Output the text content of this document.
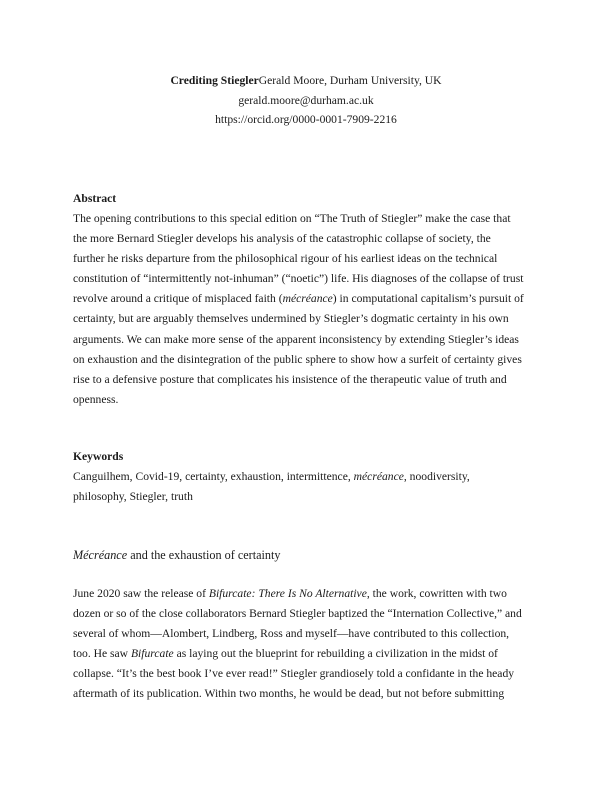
Crediting StieglerGerald Moore, Durham University, UK
gerald.moore@durham.ac.uk
https://orcid.org/0000-0001-7909-2216
Abstract
The opening contributions to this special edition on “The Truth of Stiegler” make the case that
the more Bernard Stiegler develops his analysis of the catastrophic collapse of society, the
further he risks departure from the philosophical rigour of his earliest ideas on the technical
constitution of “intermittently not-inhuman” (“noetic”) life. His diagnoses of the collapse of trust
revolve around a critique of misplaced faith (mécréance) in computational capitalism’s pursuit of
certainty, but are arguably themselves undermined by Stiegler’s dogmatic certainty in his own
arguments. We can make more sense of the apparent inconsistency by extending Stiegler’s ideas
on exhaustion and the disintegration of the public sphere to show how a surfeit of certainty gives
rise to a defensive posture that complicates his insistence of the therapeutic value of truth and
openness.
Keywords
Canguilhem, Covid-19, certainty, exhaustion, intermittence, mécréance, noodiversity,
philosophy, Stiegler, truth
Mécréance and the exhaustion of certainty
June 2020 saw the release of Bifurcate: There Is No Alternative, the work, cowritten with two
dozen or so of the close collaborators Bernard Stiegler baptized the “Internation Collective,” and
several of whom—Alombert, Lindberg, Ross and myself—have contributed to this collection,
too. He saw Bifurcate as laying out the blueprint for rebuilding a civilization in the midst of
collapse. “It’s the best book I’ve ever read!” Stiegler grandiosely told a confidante in the heady
aftermath of its publication. Within two months, he would be dead, but not before submitting
